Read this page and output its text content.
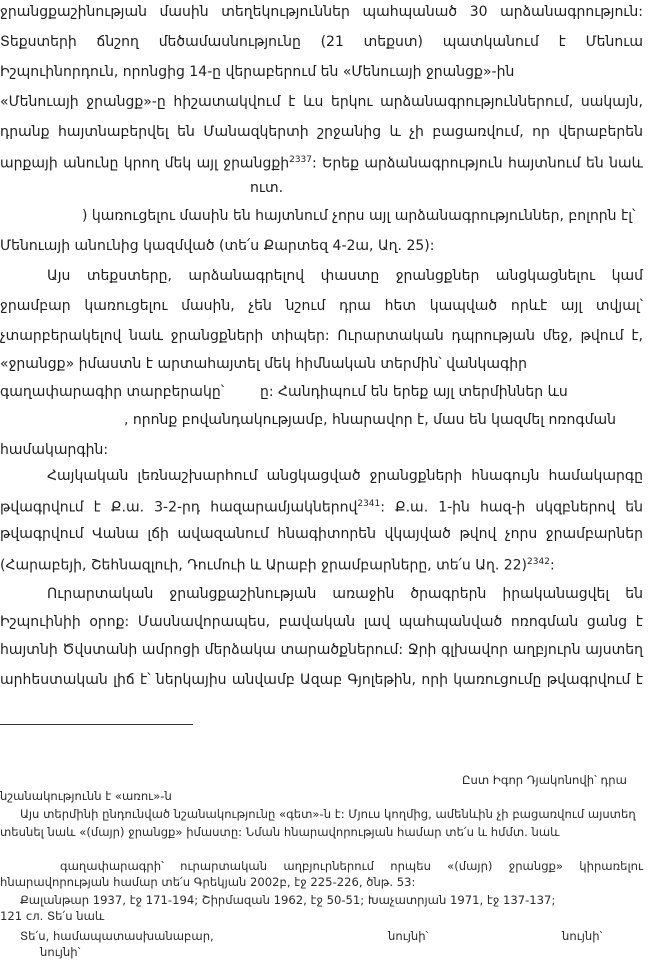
ջրանցքաշինության մասին տեղեկություններ պահպանած 30 արձանագրություն:
Տեքստերի ճնշող մեծամասնությունը (21 տեքստ) պատկանում է Մենուա
Իշպուինորդուն, որոնցից 14-ը վերաբերում են «Մենուայի ջրանցք»-ին
«Մենուայի ջրանցք»-ը հիշատակվում է ևս երկու արձանագրություններում, սակայն,
դրանք հայտնաբերվել են Մանազկերտի շրջանից և չի բացառվում, որ վերաբերեն
արքայի անունը կրող մեկ այլ ջրանցքի$^{2337}$: Երեք արձանագրություն հայտնում են նաև
ուտ.
) կառուցելու մասին են հայտնում չորս այլ արձանագրություններ, բոլորն էլ՝
Մենուայի անունից կազմված (տե՛ս Քարտեզ 4-2ա, Աղ. 25):
Այս տեքստերը, արձանագրելով փաստը ջրանցքներ անցկացնելու կամ
ջրամբար կառուցելու մասին, չեն նշում դրա հետ կապված որևէ այլ տվյալ՝
չտարբերակելով նաև ջրանցքների տիպեր: Ուրարտական դպրության մեջ, թվում է,
«ջրանցք» իմաստն է արտահայտել մեկ հիմնական տերմին՝ վանկագիր
գաղափարագիր տարբերակը՝	ը: Հանդիպում են երեք այլ տերմիններ ևս
, որոնք բովանդակությամբ, հնարավոր է, մաս են կազմել ոռոգման
համակարգին:
Հայկական լեռնաշխարհում անցկացված ջրանցքների հնագույն համակարգը
թվագրվում է Ք.ա. 3-2-րդ հազարամյակներով$^{2341}$: Ք.ա. 1-ին հազ-ի սկզբներով են
թվագրվում Վանա լճի ավազանում հնագիտորեն վկայված թվով չորս ջրամբարներ
(Հարաբեյի, Շեհնազլուի, Դումուի և Արաբի ջրամբարները, տե՛ս Աղ. 22)$^{2342}$:
Ուրարտական ջրանցքաշինության առաջին ծրագրերն իրականացվել են
Իշպուինիի օրոք: Մասնավորապես, բավական լավ պահպանված ոռոգման ցանց է
հայտնի Ծվստանի ամրոցի մերձակա տարածքներում: Ջրի գլխավոր աղբյուրն այստեղ
արհեստական լիճ է՝ ներկայիս անվամբ Ազաբ Գյոլեթին, որի կառուցումը թվագրվում է
Ըստ Իգոր Դյակոնովի՝ դրա
նշանակությունն է «առու»-ն
Այս տերմինի ընդունված նշանակությունը «գետ»-ն է: Մյուս կողմից, ամենևին չի բացառվում այստեղ
տեսնել նաև «(մայր) ջրանցք» իմաստը: Նման հնարավորության համար տե՛ս և hմմտ. նաև
գաղափարագրի՝ ուրարտական աղբյուրներում որպես «(մայր) ջրանցք» կիրառելու
հնարավորության համար տե՛ս Գրեկյան 2002բ, էջ 225-226, ծնթ. 53:
Քալանթար 1937, էջ 171-194; Շիրմազան 1962, էջ 50-51; Խաչատրյան 1971, էջ 137-137;
121 сл. Տե՛ս նաև
Տե՛ս, համապատասխանաբար,	նույնի՝	նույնի՝
նույնի՝
